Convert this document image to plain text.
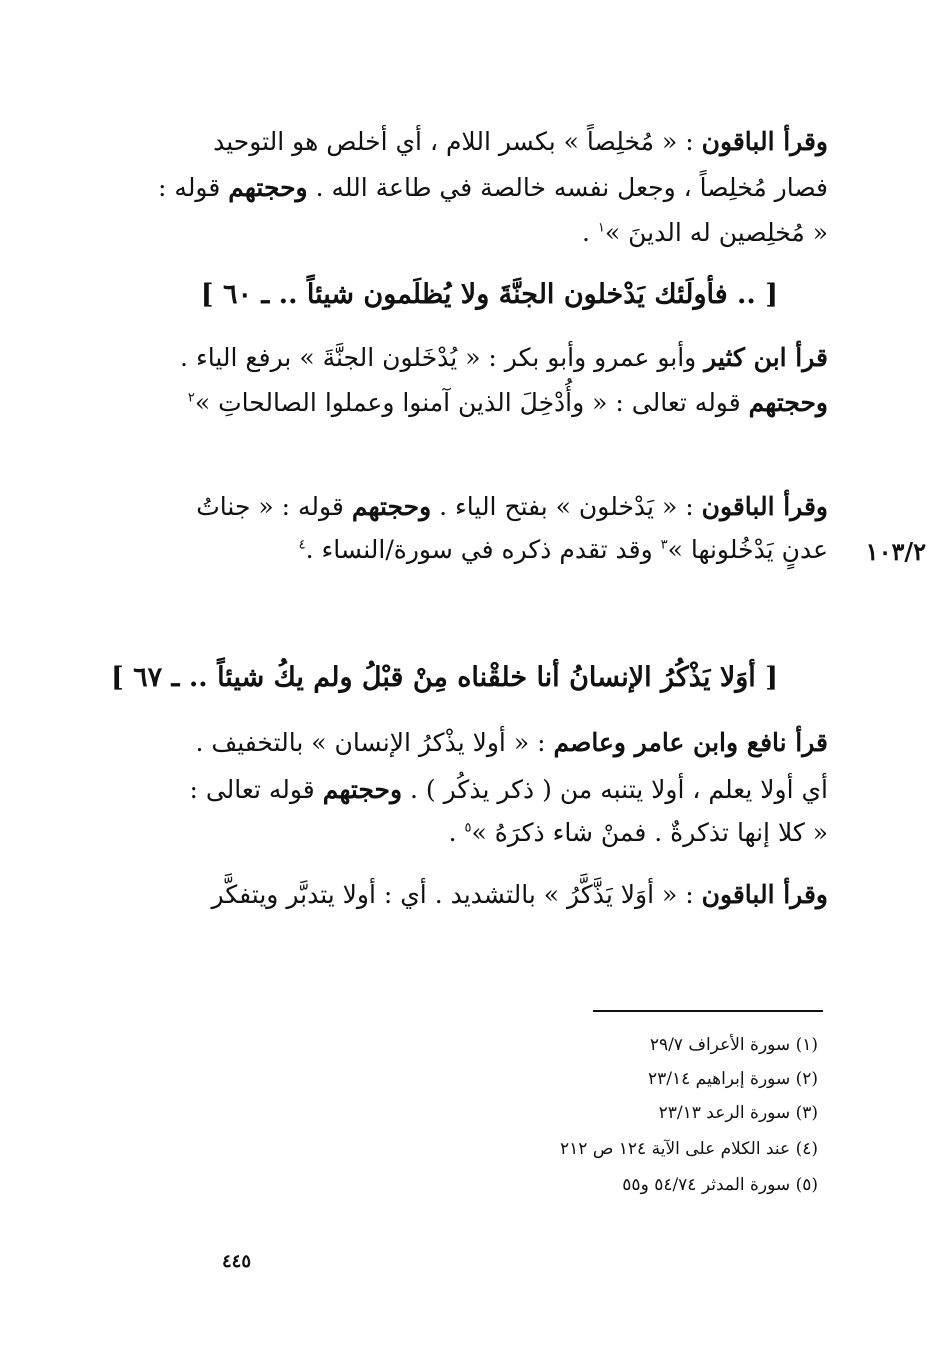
وقرأ الباقون : « مُخلِصاً » بكسر اللام ، أي أخلص هو التوحيد
فصار مُخلِصاً ، وجعل نفسه خالصة في طاعة الله . وحجتهم قوله :
« مُخلِصين له الدينَ »$^١$ .
[ .. فأولَئك يَدْخلون الجنَّةَ ولا يُظلَمون شيئاً .. ـ ٦٠ ]
قرأ ابن كثير وأبو عمرو وأبو بكر : « يُدْخَلون الجنَّةَ » برفع الياء .
وحجتهم قوله تعالى : « وأُدْخِلَ الذين آمنوا وعملوا الصالحاتِ »$^٢$
وقرأ الباقون : « يَدْخلون » بفتح الياء . وحجتهم قوله : « جناتُ
عدنٍ يَدْخُلونها »$^٣$ وقد تقدم ذكره في سورة/النساء .$^٤$	١٠٣/٢
[ أوَلا يَذْكُرُ الإنسانُ أنا خلقْناه مِنْ قبْلُ ولم يكُ شيئاً .. ـ ٦٧ ]
قرأ نافع وابن عامر وعاصم : « أولا يذْكرُ الإنسان » بالتخفيف .
أي أولا يعلم ، أولا يتنبه من ( ذكر يذكُر ) . وحجتهم قوله تعالى :
« كلا إنها تذكرةٌ . فمنْ شاء ذكرَهُ »$^٥$ .
وقرأ الباقون : « أوَلا يَذَّكَّرُ » بالتشديد . أي : أولا يتدبَّر ويتفكَّر
(١) سورة الأعراف ٢٩/٧
(٢) سورة إبراهيم ٢٣/١٤
(٣) سورة الرعد ٢٣/١٣
(٤) عند الكلام على الآية ١٢٤ ص ٢١٢
(٥) سورة المدثر ٥٤/٧٤ و٥٥
٤٤٥
